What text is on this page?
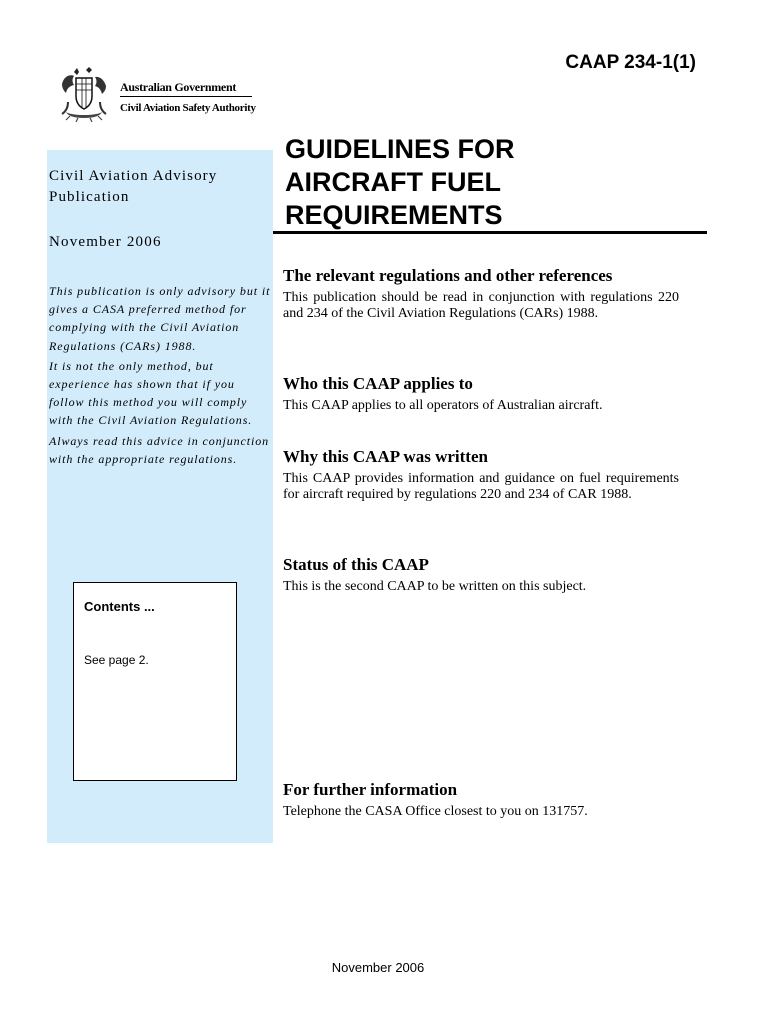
CAAP 234-1(1)
Australian Government
Civil Aviation Safety Authority
Civil Aviation Advisory Publication
November 2006

This publication is only advisory but it gives a CASA preferred method for complying with the Civil Aviation Regulations (CARs) 1988.

It is not the only method, but experience has shown that if you follow this method you will comply with the Civil Aviation Regulations.

Always read this advice in conjunction with the appropriate regulations.

Contents ...
See page 2.
GUIDELINES FOR
AIRCRAFT FUEL
REQUIREMENTS
The relevant regulations and other references

This publication should be read in conjunction with regulations 220 and 234 of the Civil Aviation Regulations (CARs) 1988.

Who this CAAP applies to

This CAAP applies to all operators of Australian aircraft.

Why this CAAP was written

This CAAP provides information and guidance on fuel requirements for aircraft required by regulations 220 and 234 of CAR 1988.

Status of this CAAP

This is the second CAAP to be written on this subject.

For further information

Telephone the CASA Office closest to you on 131757.

November 2006
